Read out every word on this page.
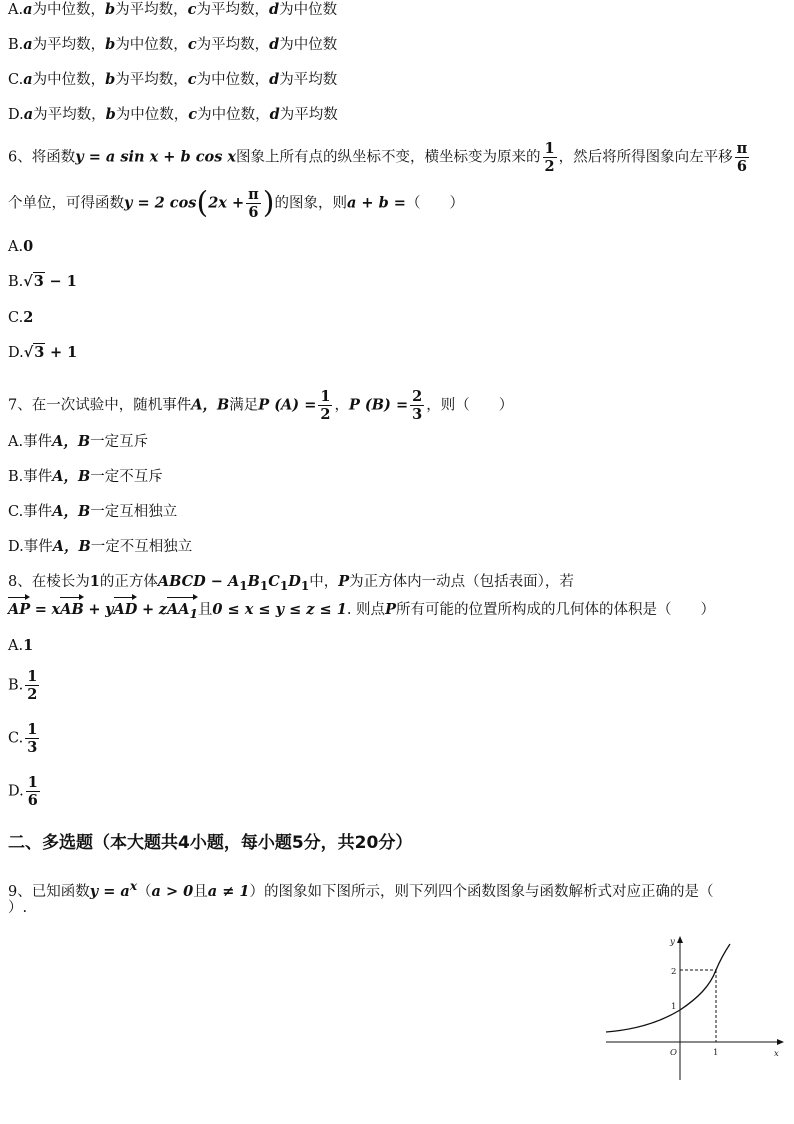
A.a为中位数，b为平均数，c为平均数，d为中位数
B.a为平均数，b为中位数，c为平均数，d为中位数
C.a为中位数，b为平均数，c为中位数，d为平均数
D.a为平均数，b为中位数，c为中位数，d为平均数
6、将函数y = a sin x + b cos x图象上所有点的纵坐标不变，横坐标变为原来的 $\frac{1}{2}$ ，然后将所得图象向左平移 $\frac{\pi}{6}$
个单位，可得函数y = 2 $\cos(2x + \frac{\pi}{6}$ )的图象，则a + b =（　　）
A.0
B.√3 − 1
C.2
D.√3 + 1
7、在一次试验中，随机事件A，B满足P $(A) = \frac{1}{2}$ ，P $(B) = \frac{2}{3}$ ，则（　　）
A.事件A，B一定互斥
B.事件A，B一定不互斥
C.事件A，B一定互相独立
D.事件A，B一定不互相独立
8、在棱长为1的正方体ABCD − $A_1B_1C_1D_1$中，P为正方体内一动点（包括表面），若
AP = xAB + yAD + zAA$_1$且0 ≤ x ≤ y ≤ z ≤ 1. 则点P所有可能的位置所构成的几何体的体积是（　　）
A.1
B. $\frac{1}{2}$
C. $\frac{1}{3}$
D. $\frac{1}{6}$
二、多选题（本大题共4小题，每小题5分，共20分）
9、已知函数$y = a^x(a > 0$且a ≠ 1）的图象如下图所示，则下列四个函数图象与函数解析式对应正确的是（
）.
y
x
O
2
1
1
